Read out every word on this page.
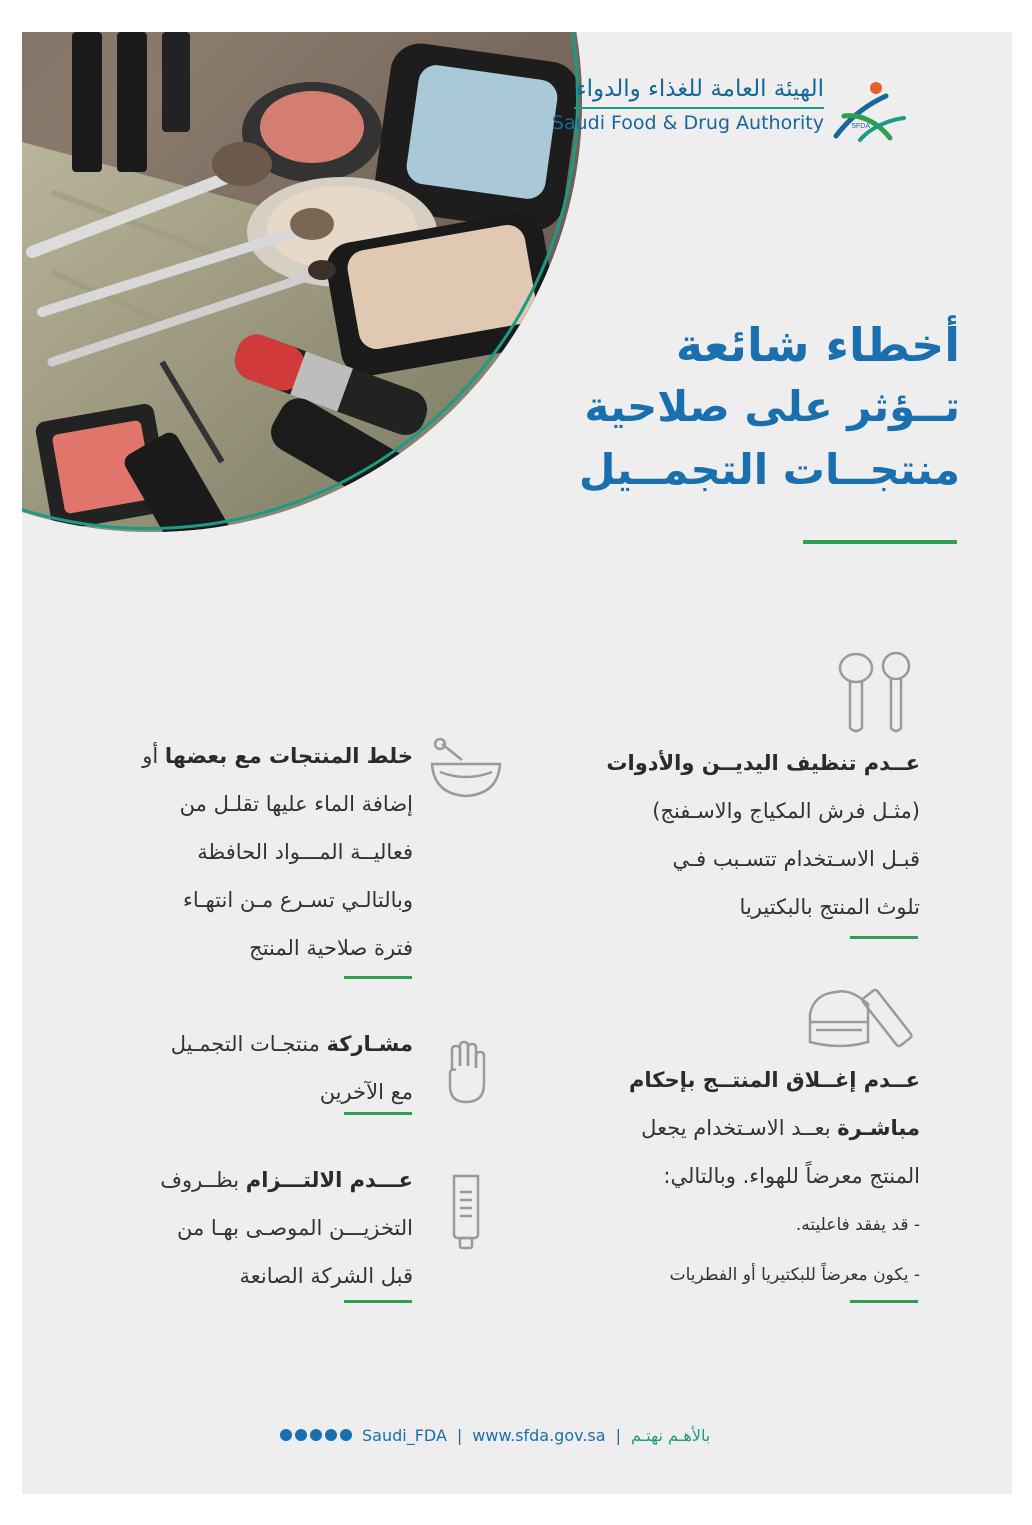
الهيئة العامة للغذاء والدواء
Saudi Food & Drug Authority	SFDA
أخطاء شائعة
تــؤثر على صلاحية
منتجــات التجمــيل
عــدم تنظيف اليديــن والأدوات
(مثـل فرش المكياج والاسـفنج)
قبـل الاسـتخدام تتسـبب فـي
تلوث المنتج بالبكتيريا
عــدم إغــلاق المنتــج بإحكام
مباشـرة بعــد الاسـتخدام يجعل
المنتج معرضاً للهواء. وبالتالي:
- قد يفقد فاعليته.
- يكون معرضاً للبكتيريا أو الفطريات
خلط المنتجات مع بعضها أو
إضافة الماء عليها تقلـل من
فعاليــة المـــواد الحافظة
وبالتالـي تسـرع مـن انتهـاء
فترة صلاحية المنتج
مشـاركة منتجـات التجمـيل
مع الآخرين
عـــدم الالتـــزام بظــروف
التخزيـــن الموصـى بهـا من
قبل الشركة الصانعة
Saudi_FDA | www.sfda.gov.sa | بالأهـم نهتـم
